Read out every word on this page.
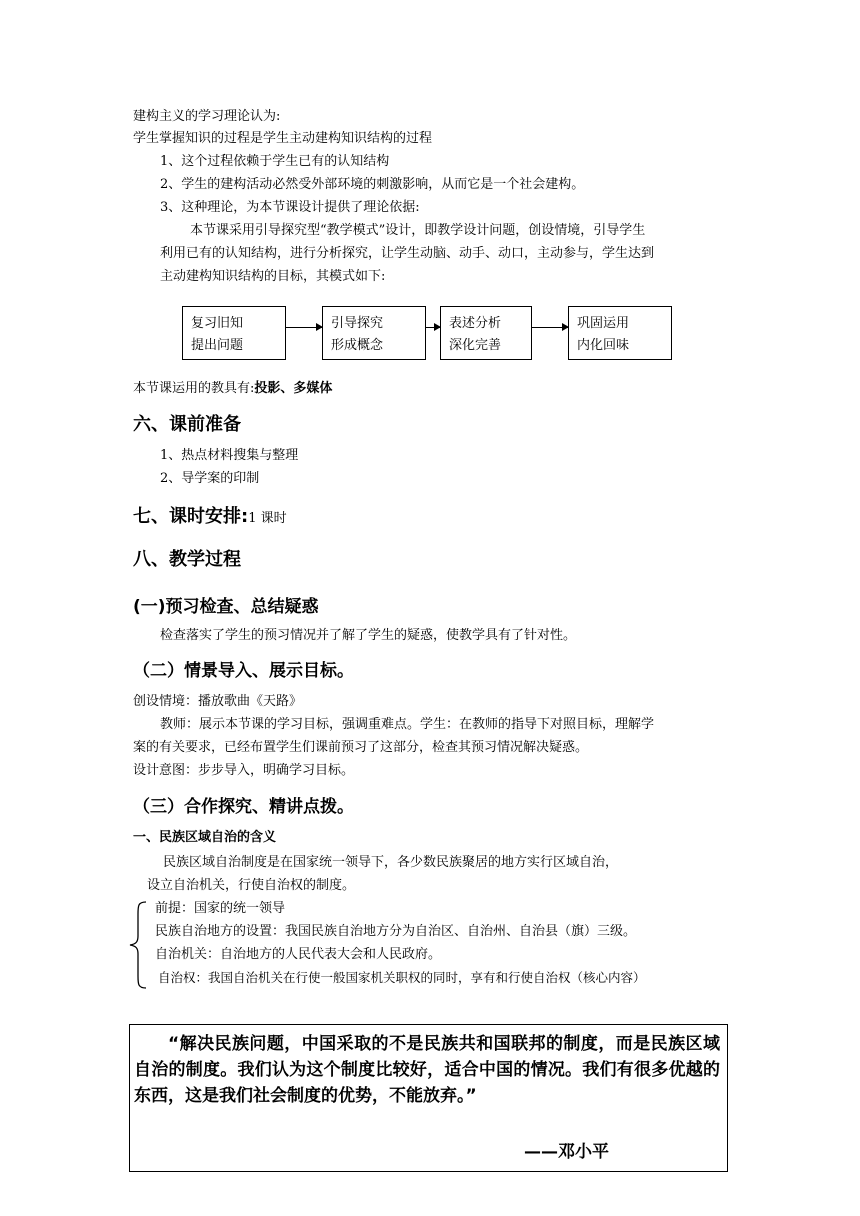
建构主义的学习理论认为:
学生掌握知识的过程是学生主动建构知识结构的过程
1、这个过程依赖于学生已有的认知结构
2、学生的建构活动必然受外部环境的刺激影响，从而它是一个社会建构。
3、这种理论，为本节课设计提供了理论依据:
本节课采用引导探究型“教学模式”设计，即教学设计问题，创设情境，引导学生
利用已有的认知结构，进行分析探究，让学生动脑、动手、动口，主动参与，学生达到
主动建构知识结构的目标，其模式如下:
复习旧知
提出问题
引导探究
形成概念
表述分析
深化完善
巩固运用
内化回味
本节课运用的教具有:投影、多媒体
六、课前准备
1、热点材料搜集与整理
2、导学案的印制
七、课时安排:1 课时
八、教学过程
(一)预习检查、总结疑惑
检查落实了学生的预习情况并了解了学生的疑惑，使教学具有了针对性。
（二）情景导入、展示目标。
创设情境：播放歌曲《天路》
教师：展示本节课的学习目标，强调重难点。学生：在教师的指导下对照目标，理解学
案的有关要求，已经布置学生们课前预习了这部分，检查其预习情况解决疑惑。
设计意图：步步导入，明确学习目标。
（三）合作探究、精讲点拨。
一、民族区域自治的含义
民族区域自治制度是在国家统一领导下，各少数民族聚居的地方实行区域自治，
设立自治机关，行使自治权的制度。
前提：国家的统一领导
民族自治地方的设置：我国民族自治地方分为自治区、自治州、自治县（旗）三级。
自治机关：自治地方的人民代表大会和人民政府。
自治权：我国自治机关在行使一般国家机关职权的同时，享有和行使自治权（核心内容）
“解决民族问题，中国采取的不是民族共和国联邦的制度，而是民族区域自治的制度。我们认为这个制度比较好，适合中国的情况。我们有很多优越的东西，这是我们社会制度的优势，不能放弃。”
——邓小平
